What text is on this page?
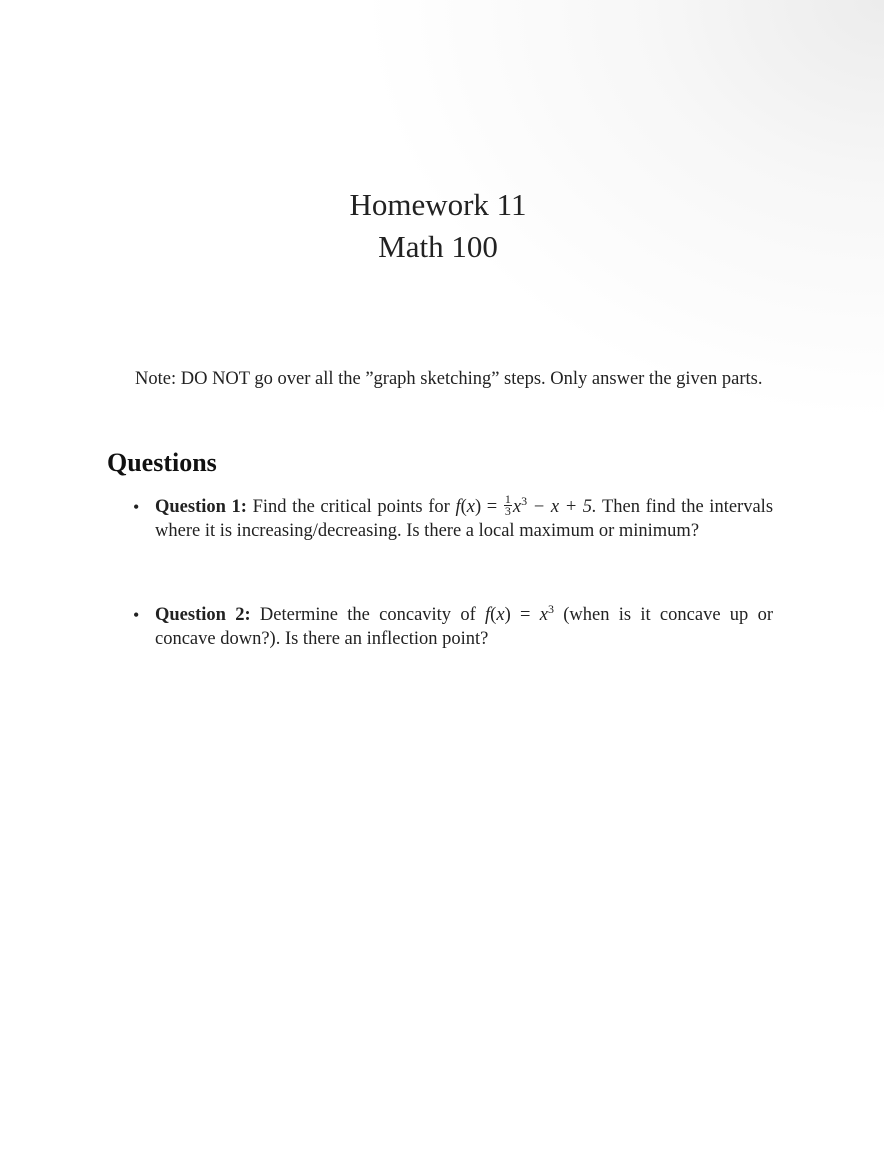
Homework 11
Math 100
Note: DO NOT go over all the ”graph sketching” steps. Only answer the given parts.
Questions
• Question 1: Find the critical points for $f(x) = \frac{1}{3} x^3 - x + 5$. Then find the intervals where it is increasing/decreasing. Is there a local maximum or minimum?
• Question 2: Determine the concavity of $f(x) = x^3$ (when is it concave up or concave down?). Is there an inflection point?
